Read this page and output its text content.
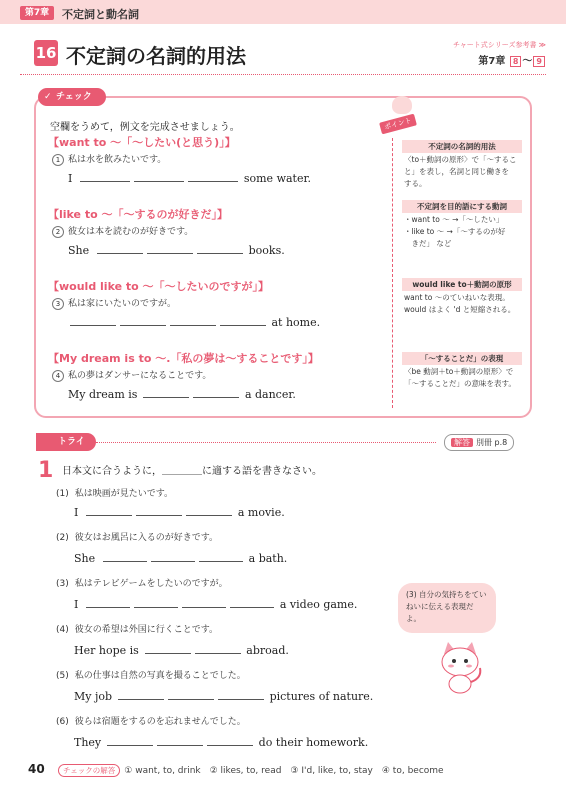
第7章	不定詞と動名詞
16 不定詞の名詞的用法	チャート式シリーズ参考書 ≫
第7章 8 ～ 9
チェック
✓
空欄をうめて，例文を完成させましょう。
【want to ～「～したい(と思う)」】
1 私は水を飲みたいです。
I	some water.
【like to ～「～するのが好きだ」】
2 彼女は本を読むのが好きです。
She	books.
【would like to ～「～したいのですが」】
3 私は家にいたいのですが。
at home.
【My dream is to ～.「私の夢は～することです」】
4 私の夢はダンサーになることです。
My dream is	a dancer.
ポイント
不定詞の名詞的用法
〈to＋動詞の原形〉で「～するこ
と」を表し，名詞と同じ働きを
する。
不定詞を目的語にする動詞
・want to ～ →「～したい」
・like to ～ →「～するのが好
　きだ」 など
would like to＋動詞の原形
want to ～のていねいな表現。
would はよく 'd と短縮される。
「～することだ」の表現
〈be 動詞＋to＋動詞の原形〉で
「～することだ」の意味を表す。
トライ	解答 別冊 p.8
1 日本文に合うように，＿＿＿＿に適する語を書きなさい。
(1) 私は映画が見たいです。
I	a movie.
(2) 彼女はお風呂に入るのが好きです。
She	a bath.
(3) 私はテレビゲームをしたいのですが。
I	a video game.
(4) 彼女の希望は外国に行くことです。
Her hope is	abroad.
(5) 私の仕事は自然の写真を撮ることでした。
My job	pictures of nature.
(6) 彼らは宿題をするのを忘れませんでした。
They	do their homework.
(3) 自分の気持ちをていねいに伝える表現だよ。
40	チェックの解答 ① want, to, drink　② likes, to, read　③ I'd, like, to, stay　④ to, become
